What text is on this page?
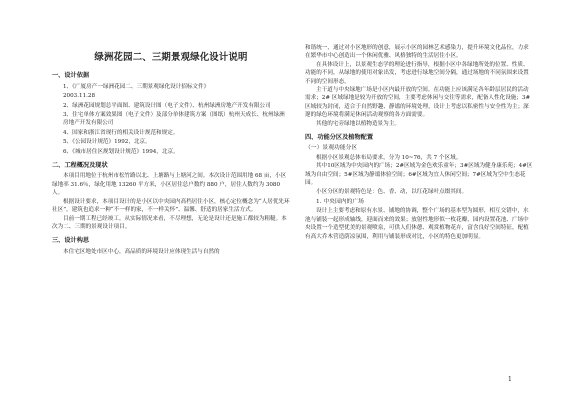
绿洲花园二、三期景观绿化设计说明
一、设计依据

1、《广厦房产一绿洲花园二、三期景观绿化设计招标文件》

2003.11.28

2、绿洲花园规划总平面图、建筑设计图（电子文件）、杭州绿洲房地产开发有限公司

3、住宅单体方案效果图（电子文件）及部分单体建筑方案（图纸）杭州天成长、杭州绿洲房地产开发有限公司

4、国家和浙江省现行的相关设计规范和规定。

5、《公园设计规范》1992，北京。

6、《城市居住区规划设计规范》1994，北京。

二、工程概况及现状

本项目用地位于杭州市松竹路以北、上塘路与上塘河之间。本次设计范围用地 68 亩，小区绿地率 31.6％，绿化用地 13260 平方米，小区居住总户数约 880 户，居住人数约为 3080 人。

根据设计要求，本项目设计的是小区以中央园内高档居住小区，核心定位概念为“人居优先环社区”，建筑也追求一种“不一样的家，不一样关怀”、温馨、舒适的居家生活方式。

目前一期工程已经竣工。从实际情况来看，不尽理想，无论是设计还是施工都较为粗糙。本次为二、三期的景观设计项目。

三、设计构思

本住宅区地处市区中心，高品质的环境设计应体现生活与自然的

和谐统一，通过对小区地形的创意，展示小区的园林艺术感染力，提升环境文化品位，力求在繁华市中心创造出一个休闲优雅、风格独特的生活居住小区。

在具体设计上，以景观生态学的理论进行指导，根据小区中各绿地所处的位置、性质、功能的不同，从绿地的使用对象出发，考虑进行绿地空间分隔，通过场地的不同氛围来设置不同的空间形态。

主干道与中央绿地广场是小区内最开放的空间。在功能上应该满足各年龄层居民的活动需求；2# 区域绿地是较为开放的空间，主要考虑休闲与交往等需求，配备人性化设施；3# 区域较为封闭，适合于自然野趣、静谧的环境处理，设计上考虑以私密性与安全性为主；深邃的绿色环境将满足休闲活动观察的各方面需要。

其他的宅旁绿地以植物造景为主。

四、功能分区及植物配置
（一）景观功能分区

根据小区景观总体布局要求，分为 10~76，共 7 个区域。

其中10区域为中央园内的广场；2#区域为金色欢乐童年；3#区域为健身康乐苑；4#区域为自由空间；5#区域为静谧体验空间；6#区域为宜人休闲空间；7#区域为空中生态花园。

小区分区的景观特色是：色、香、动，以红花绿叶点缀其间。

1. 中央园内的广场

设计上主要考虑和原有水景、铺地的协调，整个广场的基本型为圆形，相互交错中，水池与铺装一起形成轴线，迎面而来的效果；放射性地形似一枚花瓣，园内设置花池、广场中央设置一个造型优美的景观喷泉，可供人们休憩、观赏植物花卉，富含良好空间特征，配植有高大乔木营造荫凉氛围，利用与铺装形成对比，小区的特色更加明显。

1
